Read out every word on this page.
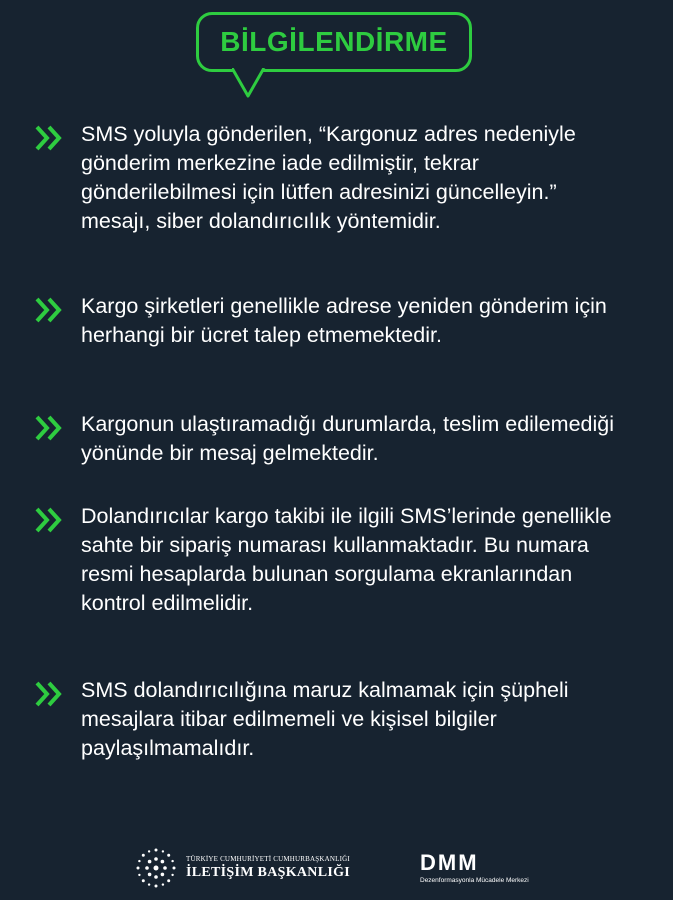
BİLGİLENDİRME
SMS yoluyla gönderilen, “Kargonuz adres nedeniyle gönderim merkezine iade edilmiştir, tekrar gönderilebilmesi için lütfen adresinizi güncelleyin.” mesajı, siber dolandırıcılık yöntemidir.
Kargo şirketleri genellikle adrese yeniden gönderim için herhangi bir ücret talep etmemektedir.
Kargonun ulaştıramadığı durumlarda, teslim edilemediği yönünde bir mesaj gelmektedir.
Dolandırıcılar kargo takibi ile ilgili SMS’lerinde genellikle sahte bir sipariş numarası kullanmaktadır. Bu numara resmi hesaplarda bulunan sorgulama ekranlarından kontrol edilmelidir.
SMS dolandırıcılığına maruz kalmamak için şüpheli mesajlara itibar edilmemeli ve kişisel bilgiler paylaşılmamalıdır.
TÜRKİYE CUMHURİYETİ CUMHURBAŞKANLIĞI
İLETİŞİM BAŞKANLIĞI	DMM
Dezenformasyonla Mücadele Merkezi
